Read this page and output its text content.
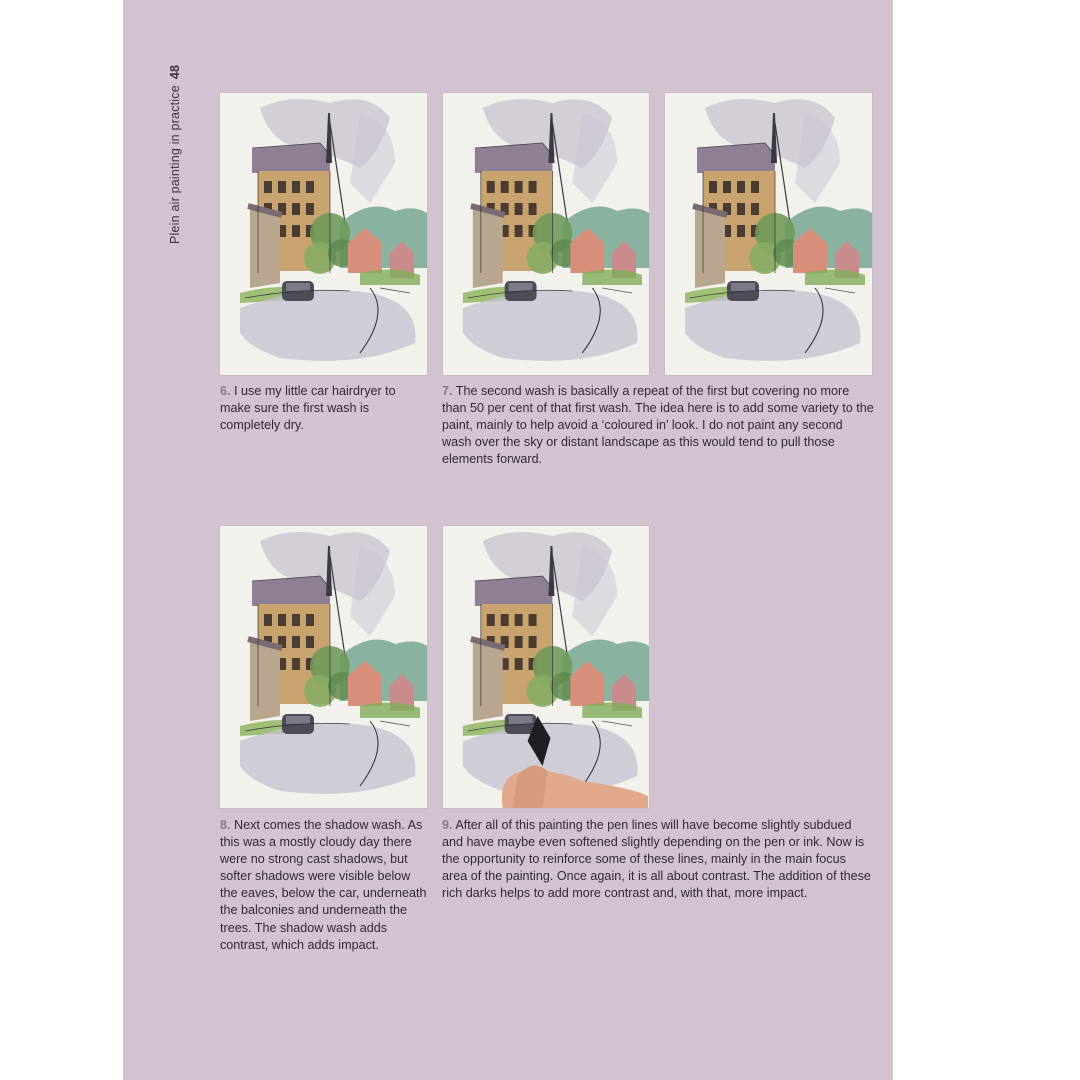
Plein air painting in practice48
6. I use my little car hairdryer to make sure the first wash is completely dry.
7. The second wash is basically a repeat of the first but covering no more than 50 per cent of that first wash. The idea here is to add some variety to the paint, mainly to help avoid a ‘coloured in’ look. I do not paint any second wash over the sky or distant landscape as this would tend to pull those elements forward.
8. Next comes the shadow wash. As this was a mostly cloudy day there were no strong cast shadows, but softer shadows were visible below the eaves, below the car, underneath the balconies and underneath the trees. The shadow wash adds contrast, which adds impact.
9. After all of this painting the pen lines will have become slightly subdued and have maybe even softened slightly depending on the pen or ink. Now is the opportunity to reinforce some of these lines, mainly in the main focus area of the painting. Once again, it is all about contrast. The addition of these rich darks helps to add more contrast and, with that, more impact.
